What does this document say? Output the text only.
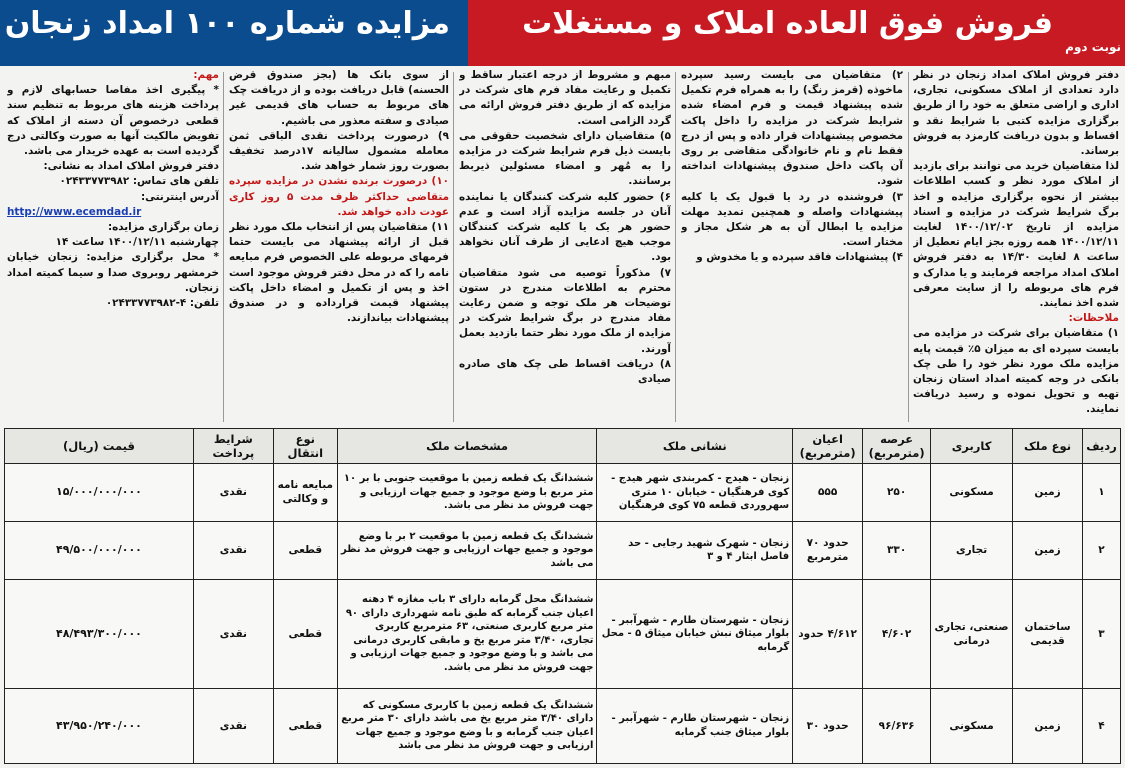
مزایده شماره ۱۰۰ امداد زنجان فروش فوق العاده املاک و مستغلات
نوبت دوم

دفتر فروش املاک امداد زنجان در نظر دارد تعدادی از املاک مسکونی، تجاری، اداری و اراضی متعلق به خود را از طریق برگزاری مزایده کتبی با شرایط نقد و اقساط و بدون دریافت کارمزد به فروش برساند.

لذا متقاضیان خرید می توانند برای بازدید از املاک مورد نظر و کسب اطلاعات بیشتر از نحوه برگزاری مزایده و اخذ برگ شرایط شرکت در مزایده و اسناد مزایده از تاریخ ۱۴۰۰/۱۲/۰۲ لغایت ۱۴۰۰/۱۲/۱۱ همه روزه بجز ایام تعطیل از ساعت ۸ لغایت ۱۴/۳۰ به دفتر فروش املاک امداد مراجعه فرمایند و یا مدارک و فرم های مربوطه را از سایت معرفی شده اخذ نمایند.

ملاحظات:

۱) متقاضیان برای شرکت در مزایده می بایست سپرده ای به میزان ۵٪ قیمت پایه مزایده ملک مورد نظر خود را طی چک بانکی در وجه کمیته امداد استان زنجان تهیه و تحویل نموده و رسید دریافت نمایند.

۲) متقاضیان می بایست رسید سپرده ماخوذه (قرمز رنگ) را به همراه فرم تکمیل شده پیشنهاد قیمت و فرم امضاء شده شرایط شرکت در مزایده را داخل پاکت مخصوص پیشنهادات قرار داده و پس از درج فقط نام و نام خانوادگی متقاضی بر روی آن پاکت داخل صندوق پیشنهادات انداخته شود.

۳) فروشنده در رد یا قبول یک یا کلیه پیشنهادات واصله و همچنین تمدید مهلت مزایده یا ابطال آن به هر شکل مجاز و مختار است.

۴) پیشنهادات فاقد سپرده و یا مخدوش و

مبهم و مشروط از درجه اعتبار ساقط و تکمیل و رعایت مفاد فرم های شرکت در مزایده که از طریق دفتر فروش ارائه می گردد الزامی است.

۵) متقاضیان دارای شخصیت حقوقی می بایست ذیل فرم شرایط شرکت در مزایده را به مُهر و امضاء مسئولین ذیربط برسانند.

۶) حضور کلیه شرکت کنندگان یا نماینده آنان در جلسه مزایده آزاد است و عدم حضور هر یک یا کلیه شرکت کنندگان موجب هیچ ادعایی از طرف آنان نخواهد بود.

۷) مذکوراً توصیه می شود متقاضیان محترم به اطلاعات مندرج در ستون توضیحات هر ملک توجه و ضمن رعایت مفاد مندرج در برگ شرایط شرکت در مزایده از ملک مورد نظر حتما بازدید بعمل آورند.

۸) دریافت اقساط طی چک های صادره صیادی

از سوی بانک ها (بجز صندوق قرض الحسنه) قابل دریافت بوده و از دریافت چک های مربوط به حساب های قدیمی غیر صیادی و سفته معذور می باشیم.

۹) درصورت پرداخت نقدی الباقی ثمن معامله مشمول سالیانه ۱۷درصد تخفیف بصورت روز شمار خواهد شد.

۱۰) درصورت برنده نشدن در مزایده سپرده متقاضی حداکثر ظرف مدت ۵ روز کاری عودت داده خواهد شد.

۱۱) متقاضیان پس از انتخاب ملک مورد نظر قبل از ارائه پیشنهاد می بایست حتما فرمهای مربوطه علی الخصوص فرم مبایعه نامه را که در محل دفتر فروش موجود است اخذ و پس از تکمیل و امضاء داخل پاکت پیشنهاد قیمت قرارداده و در صندوق پیشنهادات بیاندازند.

مهم:

* پیگیری اخذ مفاصا حسابهای لازم و پرداخت هزینه های مربوط به تنظیم سند قطعی درخصوص آن دسته از املاک که تفویض مالکیت آنها به صورت وکالتی درج گردیده است به عهده خریدار می باشد.

دفتر فروش املاک امداد به نشانی:

تلفن های تماس: ۰۲۴۳۳۷۷۳۹۸۲

آدرس اینترنتی:

http://www.ecemdad.ir

زمان برگزاری مزایده:

چهارشنبه ۱۴۰۰/۱۲/۱۱ ساعت ۱۴

* محل برگزاری مزایده: زنجان خیابان خرمشهر روبروی صدا و سیما کمیته امداد زنجان.

تلفن: ۴-۰۲۴۳۳۷۷۳۹۸۲

ردیف	نوع ملک	کاربری	عرصه (مترمربع)	اعیان (مترمربع)	نشانی ملک	مشخصات ملک	نوع انتقال	شرایط پرداخت	قیمت (ریال)
۱	زمین	مسکونی	۲۵۰	۵۵۵	زنجان - هیدج - کمربندی شهر هیدج - کوی فرهنگیان - خیابان ۱۰ متری سهروردی قطعه ۷۵ کوی فرهنگیان	ششدانگ یک قطعه زمین با موقعیت جنوبی با بر ۱۰ متر مربع با وضع موجود و جمیع جهات ارزیابی و جهت فروش مد نظر می باشد.	مبایعه نامه و وکالتی	نقدی	۱۵/۰۰۰/۰۰۰/۰۰۰
۲	زمین	تجاری	۳۳۰	حدود ۷۰ مترمربع	زنجان - شهرک شهید رجایی - حد فاصل ابثار ۴ و ۳	ششدانگ یک قطعه زمین با موقعیت ۲ بر با وضع موجود و جمیع جهات ارزیابی و جهت فروش مد نظر می باشد	قطعی	نقدی	۴۹/۵۰۰/۰۰۰/۰۰۰
۳	ساختمان قدیمی	صنعتی، تجاری درمانی	۴/۶۰۲	۴/۶۱۲ حدود	زنجان - شهرستان طارم - شهرآببر - بلوار میثاق نبش خیابان میثاق ۵ - محل گرمابه	ششدانگ محل گرمابه دارای ۳ باب مغازه ۴ دهنه اعیان جنب گرمابه که طبق نامه شهرداری دارای ۹۰ متر مربع کاربری صنعتی، ۶۳ مترمربع کاربری تجاری، ۳/۴۰ متر مربع یخ و مابقی کاربری درمانی می باشد و با وضع موجود و جمیع جهات ارزیابی و جهت فروش مد نظر می باشد.	قطعی	نقدی	۴۸/۴۹۳/۳۰۰/۰۰۰
۴	زمین	مسکونی	۹۶/۶۳۶	حدود ۳۰	زنجان - شهرستان طارم - شهرآببر - بلوار میثاق جنب گرمابه	ششدانگ یک قطعه زمین با کاربری مسکونی که دارای ۳/۴۰ متر مربع یخ می باشد دارای ۳۰ متر مربع اعیان جنب گرمابه و با وضع موجود و جمیع جهات ارزیابی و جهت فروش مد نظر می باشد	قطعی	نقدی	۴۳/۹۵۰/۲۴۰/۰۰۰
